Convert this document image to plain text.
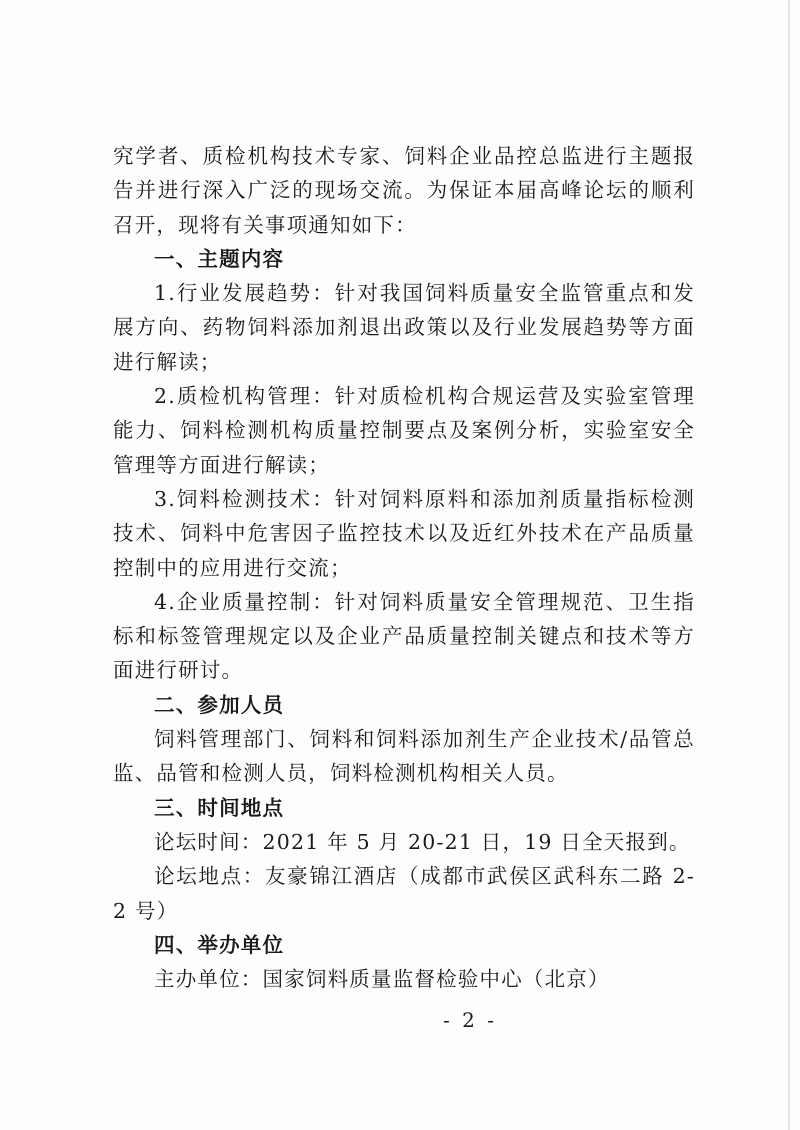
究学者、质检机构技术专家、饲料企业品控总监进行主题报告并进行深入广泛的现场交流。为保证本届高峰论坛的顺利召开，现将有关事项通知如下：

一、主题内容

1.行业发展趋势：针对我国饲料质量安全监管重点和发展方向、药物饲料添加剂退出政策以及行业发展趋势等方面进行解读；

2.质检机构管理：针对质检机构合规运营及实验室管理能力、饲料检测机构质量控制要点及案例分析，实验室安全管理等方面进行解读；

3.饲料检测技术：针对饲料原料和添加剂质量指标检测技术、饲料中危害因子监控技术以及近红外技术在产品质量控制中的应用进行交流；

4.企业质量控制：针对饲料质量安全管理规范、卫生指标和标签管理规定以及企业产品质量控制关键点和技术等方面进行研讨。

二、参加人员

饲料管理部门、饲料和饲料添加剂生产企业技术/品管总监、品管和检测人员，饲料检测机构相关人员。

三、时间地点

论坛时间：2021 年 5 月 20-21 日，19 日全天报到。

论坛地点：友豪锦江酒店（成都市武侯区武科东二路 2-2 号）

四、举办单位

主办单位：国家饲料质量监督检验中心（北京）

- 2 -
